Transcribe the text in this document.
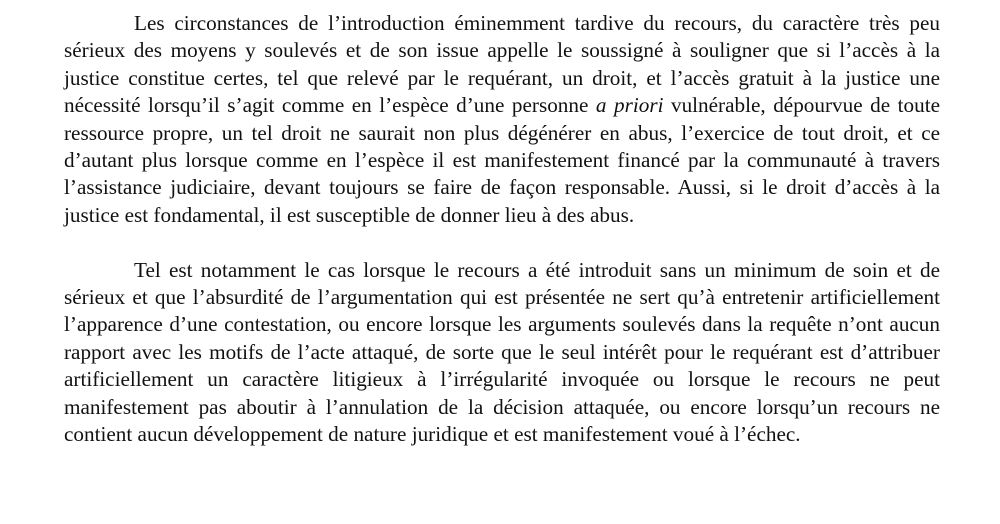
Les circonstances de l’introduction éminemment tardive du recours, du caractère très peu sérieux des moyens y soulevés et de son issue appelle le soussigné à souligner que si l’accès à la justice constitue certes, tel que relevé par le requérant, un droit, et l’accès gratuit à la justice une nécessité lorsqu’il s’agit comme en l’espèce d’une personne a priori vulnérable, dépourvue de toute ressource propre, un tel droit ne saurait non plus dégénérer en abus, l’exercice de tout droit, et ce d’autant plus lorsque comme en l’espèce il est manifestement financé par la communauté à travers l’assistance judiciaire, devant toujours se faire de façon responsable. Aussi, si le droit d’accès à la justice est fondamental, il est susceptible de donner lieu à des abus.

Tel est notamment le cas lorsque le recours a été introduit sans un minimum de soin et de sérieux et que l’absurdité de l’argumentation qui est présentée ne sert qu’à entretenir artificiellement l’apparence d’une contestation, ou encore lorsque les arguments soulevés dans la requête n’ont aucun rapport avec les motifs de l’acte attaqué, de sorte que le seul intérêt pour le requérant est d’attribuer artificiellement un caractère litigieux à l’irrégularité invoquée ou lorsque le recours ne peut manifestement pas aboutir à l’annulation de la décision attaquée, ou encore lorsqu’un recours ne contient aucun développement de nature juridique et est manifestement voué à l’échec.
